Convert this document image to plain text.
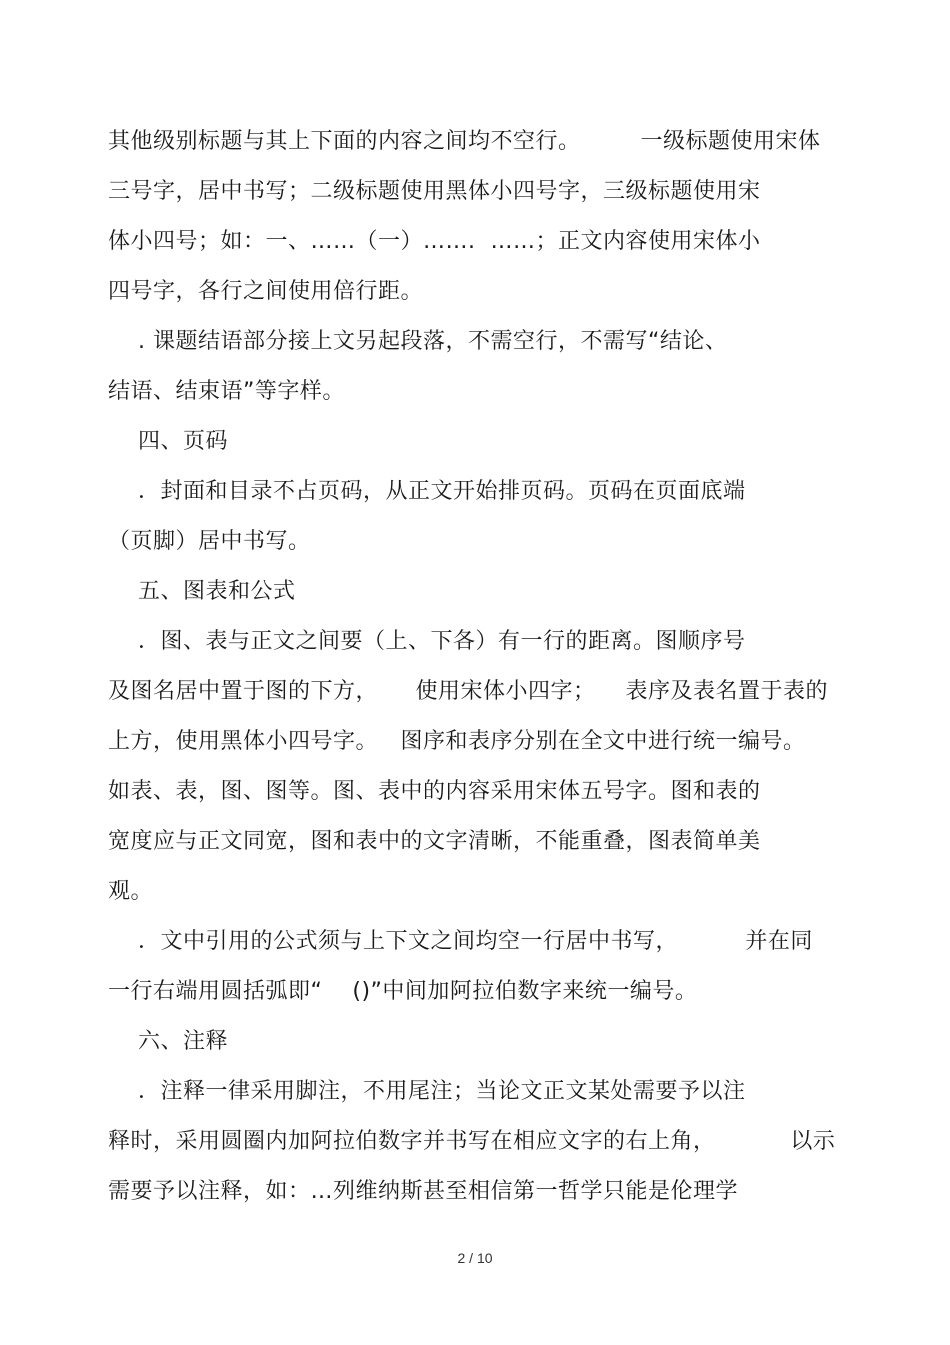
其他级别标题与其上下面的内容之间均不空行。        一级标题使用宋体
三号字，居中书写；二级标题使用黑体小四号字，三级标题使用宋
体小四号；如：一、……（一）…….  ……；正文内容使用宋体小
四号字，各行之间使用倍行距。
. 课题结语部分接上文另起段落，不需空行，不需写“结论、
结语、结束语”等字样。
四、页码
．封面和目录不占页码，从正文开始排页码。页码在页面底端
（页脚）居中书写。
五、图表和公式
．图、表与正文之间要（上、下各）有一行的距离。图顺序号
及图名居中置于图的下方，     使用宋体小四字；    表序及表名置于表的
上方，使用黑体小四号字。   图序和表序分别在全文中进行统一编号。
如表、表，图、图等。图、表中的内容采用宋体五号字。图和表的
宽度应与正文同宽，图和表中的文字清晰，不能重叠，图表简单美
观。
．文中引用的公式须与上下文之间均空一行居中书写，         并在同
一行右端用圆括弧即“    ()”中间加阿拉伯数字来统一编号。
六、注释
．注释一律采用脚注，不用尾注；当论文正文某处需要予以注
释时，采用圆圈内加阿拉伯数字并书写在相应文字的右上角，          以示
需要予以注释，如：…列维纳斯甚至相信第一哲学只能是伦理学
2 / 10
